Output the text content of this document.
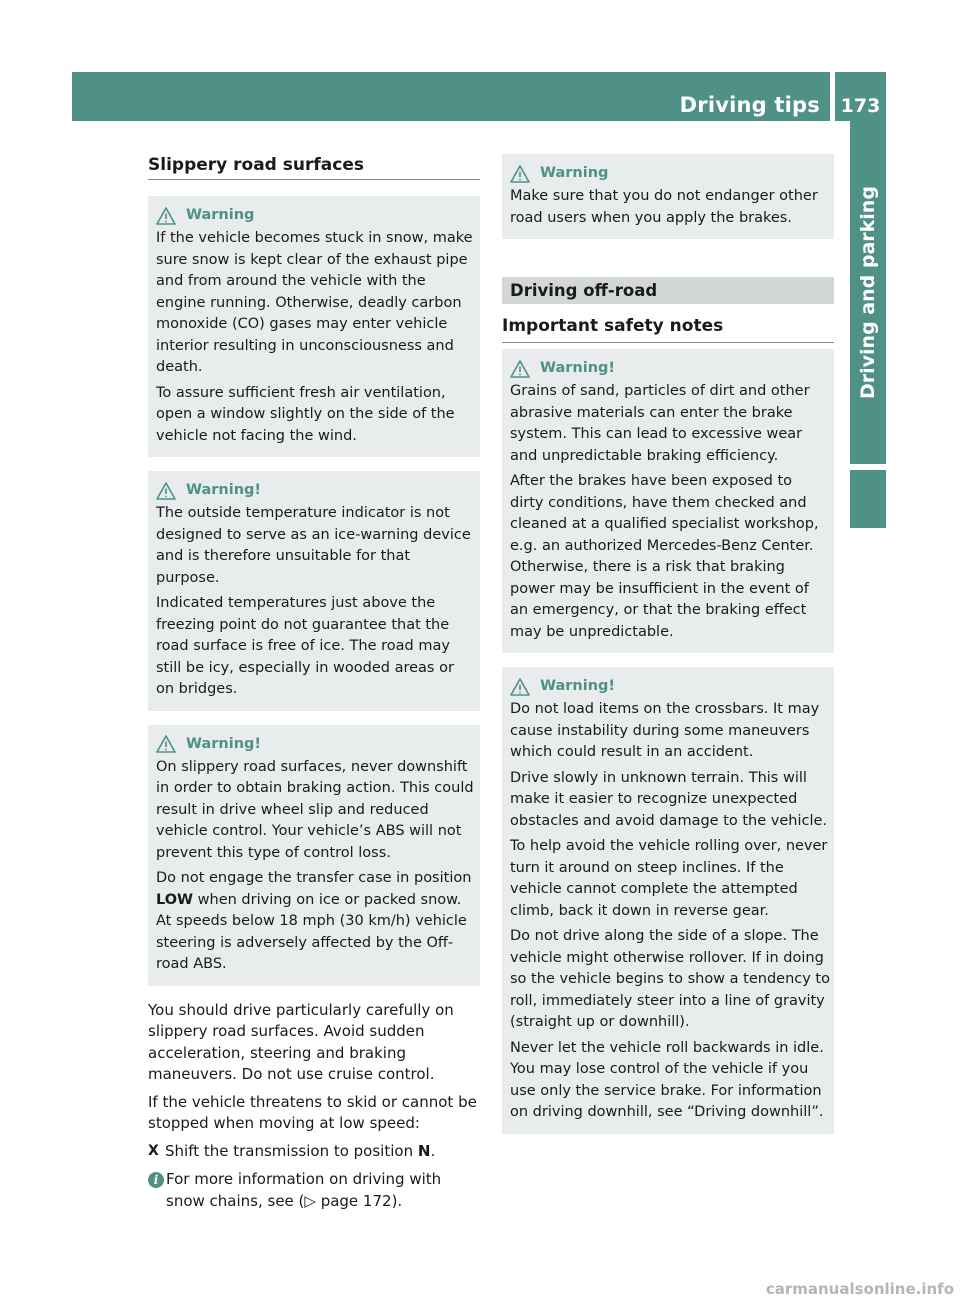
Driving tips 173
Driving and parking
Slippery road surfaces
Warning

If the vehicle becomes stuck in snow, make sure snow is kept clear of the exhaust pipe and from around the vehicle with the engine running. Otherwise, deadly carbon monoxide (CO) gases may enter vehicle interior resulting in unconsciousness and death.

To assure sufficient fresh air ventilation, open a window slightly on the side of the vehicle not facing the wind.

Warning!

The outside temperature indicator is not designed to serve as an ice-warning device and is therefore unsuitable for that purpose.

Indicated temperatures just above the freezing point do not guarantee that the road surface is free of ice. The road may still be icy, especially in wooded areas or on bridges.

Warning!

On slippery road surfaces, never downshift in order to obtain braking action. This could result in drive wheel slip and reduced vehicle control. Your vehicle’s ABS will not prevent this type of control loss.

Do not engage the transfer case in position LOW when driving on ice or packed snow. At speeds below 18 mph (30 km/h) vehicle steering is adversely affected by the Off-road ABS.

You should drive particularly carefully on slippery road surfaces. Avoid sudden acceleration, steering and braking maneuvers. Do not use cruise control.

If the vehicle threatens to skid or cannot be stopped when moving at low speed:

X Shift the transmission to position N.
i For more information on driving with snow chains, see (▷ page 172).
Warning

Make sure that you do not endanger other road users when you apply the brakes.

Driving off-road
Important safety notes
Warning!

Grains of sand, particles of dirt and other abrasive materials can enter the brake system. This can lead to excessive wear and unpredictable braking efficiency.

After the brakes have been exposed to dirty conditions, have them checked and cleaned at a qualified specialist workshop, e.g. an authorized Mercedes-Benz Center. Otherwise, there is a risk that braking power may be insufficient in the event of an emergency, or that the braking effect may be unpredictable.

Warning!

Do not load items on the crossbars. It may cause instability during some maneuvers which could result in an accident.

Drive slowly in unknown terrain. This will make it easier to recognize unexpected obstacles and avoid damage to the vehicle.

To help avoid the vehicle rolling over, never turn it around on steep inclines. If the vehicle cannot complete the attempted climb, back it down in reverse gear.

Do not drive along the side of a slope. The vehicle might otherwise rollover. If in doing so the vehicle begins to show a tendency to roll, immediately steer into a line of gravity (straight up or downhill).

Never let the vehicle roll backwards in idle. You may lose control of the vehicle if you use only the service brake. For information on driving downhill, see “Driving downhill”.

carmanualsonline.info
